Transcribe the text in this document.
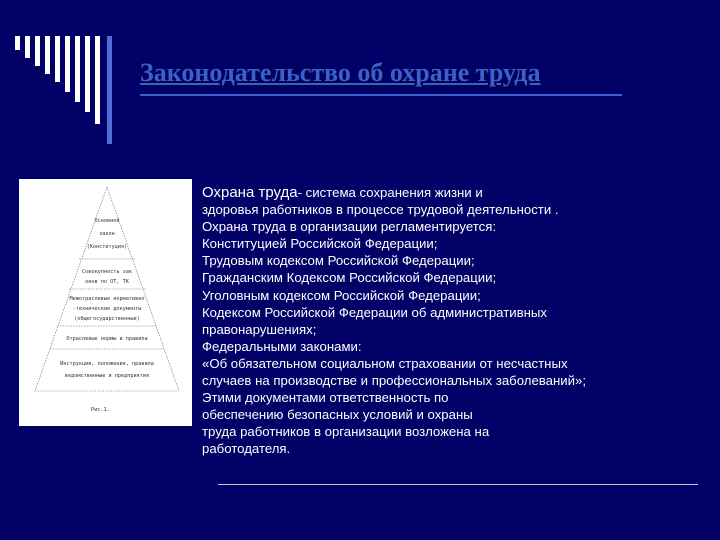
Законодательство об охране труда
Основной
закон
(Конституция)
Совокупность зак
онов по ОТ, ТК
Межотраслевые нормативно
-технические документы
(общегосударственные)
Отраслевые нормы и правила
Инструкции, положения, правила
ведомственные и предприятия
Рис.1.
Охрана труда- система сохранения жизни и
здоровья работников в процессе трудовой деятельности .
Охрана труда в организации регламентируется:
Конституцией Российской Федерации;
Трудовым кодексом Российской Федерации;
Гражданским Кодексом Российской Федерации;
Уголовным кодексом Российской Федерации;
Кодексом Российской Федерации об административных
правонарушениях;
Федеральными законами:
«Об обязательном социальном страховании от несчастных
случаев на производстве и профессиональных заболеваний»;
Этими документами ответственность по
обеспечению безопасных условий и охраны
труда работников в организации возложена на
работодателя.
